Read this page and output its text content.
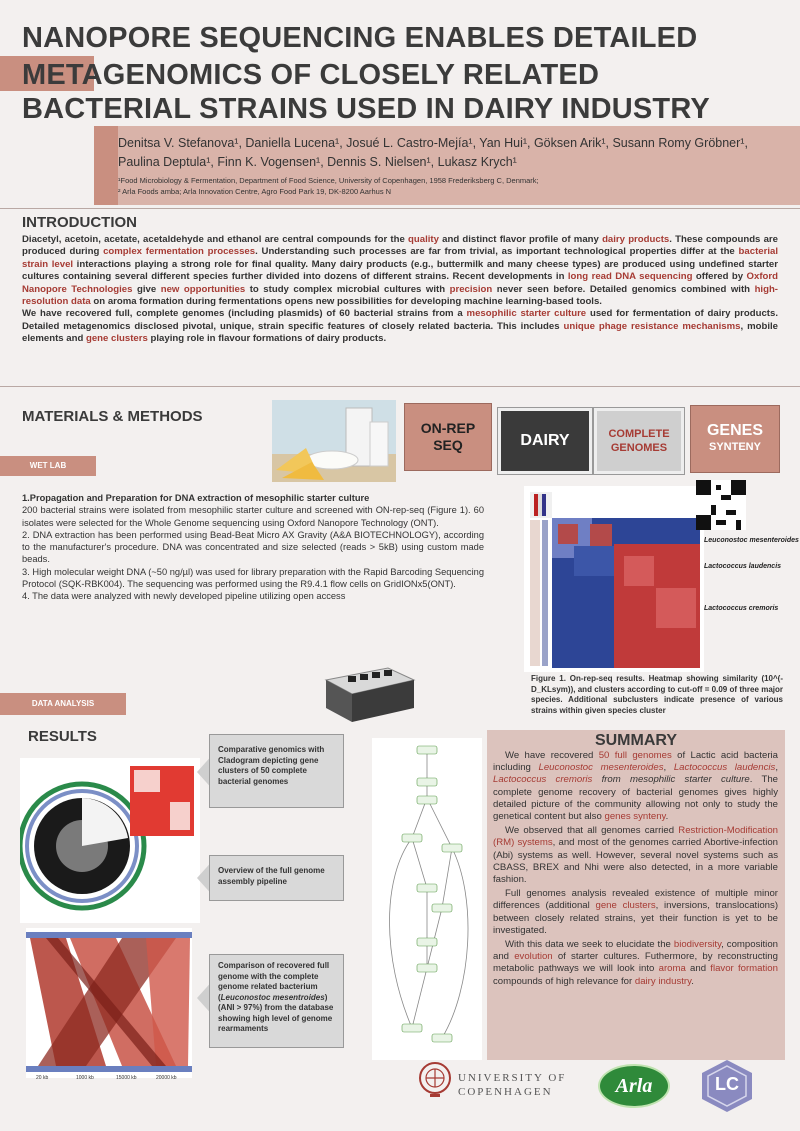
NANOPORE SEQUENCING ENABLES DETAILED
METAGENOMICS OF CLOSELY RELATED
BACTERIAL STRAINS USED IN DAIRY INDUSTRY
Denitsa V. Stefanova¹, Daniella Lucena¹, Josué L. Castro-Mejía¹, Yan Hui¹, Göksen Arik¹, Susann Romy Gröbner¹,
Paulina Deptula¹, Finn K. Vogensen¹, Dennis S. Nielsen¹, Lukasz Krych¹
¹Food Microbiology & Fermentation, Department of Food Science, University of Copenhagen, 1958 Frederiksberg C, Denmark;
² Arla Foods amba; Arla Innovation Centre, Agro Food Park 19, DK-8200 Aarhus N
INTRODUCTION
Diacetyl, acetoin, acetate, acetaldehyde and ethanol are central compounds for the quality and distinct flavor profile of many dairy products. These compounds are produced during complex fermentation processes. Understanding such processes are far from trivial, as important technological properties differ at the bacterial strain level interactions playing a strong role for final quality. Many dairy products (e.g., buttermilk and many cheese types) are produced using undefined starter cultures containing several different species further divided into dozens of different strains. Recent developments in long read DNA sequencing offered by Oxford Nanopore Technologies give new opportunities to study complex microbial cultures with precision never seen before. Detailed genomics combined with high-resolution data on aroma formation during fermentations opens new possibilities for developing machine learning-based tools.
We have recovered full, complete genomes (including plasmids) of 60 bacterial strains from a mesophilic starter culture used for fermentation of dairy products. Detailed metagenomics disclosed pivotal, unique, strain specific features of closely related bacteria. This includes unique phage resistance mechanisms, mobile elements and gene clusters playing role in flavour formations of dairy products.
MATERIALS & METHODS
WET LAB
ON-REP
SEQ	DAIRY	COMPLETE
GENOMES
GENES
SYNTENY
1.Propagation and Preparation for DNA extraction of mesophilic starter culture
200 bacterial strains were isolated from mesophilic starter culture and screened with ON-rep-seq (Figure 1). 60 isolates were selected for the Whole Genome sequencing using Oxford Nanopore Technology (ONT).
2. DNA extraction has been performed using Bead-Beat Micro AX Gravity (A&A BIOTECHNOLOGY), according to the manufacturer's procedure. DNA was concentrated and size selected (reads > 5kB) using custom made beads.
3. High molecular weight DNA (~50 ng/µl) was used for library preparation with the Rapid Barcoding Sequencing Protocol (SQK-RBK004). The sequencing was performed using the R9.4.1 flow cells on GridIONx5(ONT).
4. The data were analyzed with newly developed pipeline utilizing open access
Leuconostoc mesenteroides
Lactococcus laudencis
Lactococcus cremoris
Figure 1. On-rep-seq results. Heatmap showing similarity (10^(-D_KLsym)), and clusters according to cut-off = 0.09 of three major species. Additional subclusters indicate presence of various strains within given species cluster
DATA ANALYSIS
RESULTS
20 kb	1000 kb	15000 kb	20000 kb
Comparative genomics with Cladogram depicting gene clusters of 50 complete bacterial genomes
Overview of the full genome assembly pipeline
Comparison of recovered full genome with the complete genome related bacterium (Leuconostoc mesentroides) (ANI > 97%) from the database showing high level of genome rearmaments
SUMMARY

We have recovered 50 full genomes of Lactic acid bacteria including Leuconostoc mesenteroides, Lactococcus laudencis, Lactococcus cremoris from mesophilic starter culture. The complete genome recovery of bacterial genomes gives highly detailed picture of the community allowing not only to study the genetical content but also genes synteny.

We observed that all genomes carried Restriction-Modification (RM) systems, and most of the genomes carried Abortive-infection (Abi) systems as well. However, several novel systems such as CBASS, BREX and Nhi were also detected, in a more variable fashion.

Full genomes analysis revealed existence of multiple minor differences (additional gene clusters, inversions, translocations) between closely related strains, yet their function is yet to be investigated.

With this data we seek to elucidate the biodiversity, composition and evolution of starter cultures. Futhermore, by reconstructing metabolic pathways we will look into aroma and flavor formation compounds of high relevance for dairy industry.

UNIVERSITY OF
COPENHAGEN	Arla	LC
